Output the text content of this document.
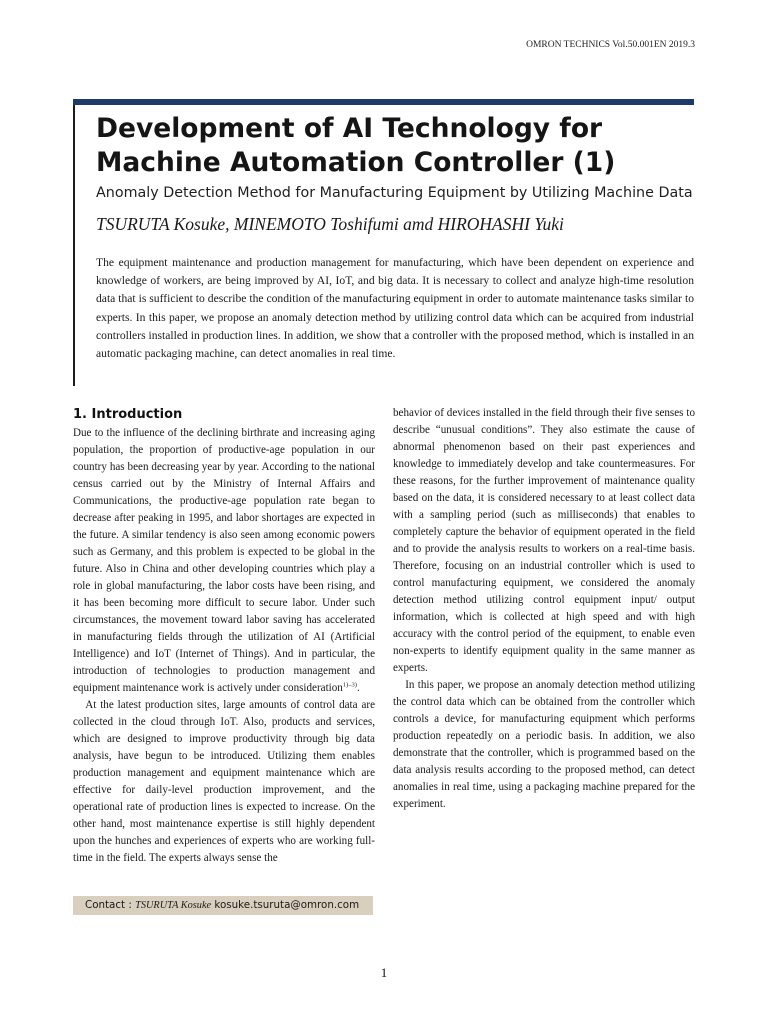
OMRON TECHNICS Vol.50.001EN 2019.3
Development of AI Technology for
Machine Automation Controller (1)
Anomaly Detection Method for Manufacturing Equipment by Utilizing Machine Data
TSURUTA Kosuke, MINEMOTO Toshifumi amd HIROHASHI Yuki

The equipment maintenance and production management for manufacturing, which have been dependent on experience and knowledge of workers, are being improved by AI, IoT, and big data. It is necessary to collect and analyze high-time resolution data that is sufficient to describe the condition of the manufacturing equipment in order to automate maintenance tasks similar to experts. In this paper, we propose an anomaly detection method by utilizing control data which can be acquired from industrial controllers installed in production lines. In addition, we show that a controller with the proposed method, which is installed in an automatic packaging machine, can detect anomalies in real time.

1. Introduction

Due to the influence of the declining birthrate and increasing aging population, the proportion of productive-age population in our country has been decreasing year by year. According to the national census carried out by the Ministry of Internal Affairs and Communications, the productive-age population rate began to decrease after peaking in 1995, and labor shortages are expected in the future. A similar tendency is also seen among economic powers such as Germany, and this problem is expected to be global in the future. Also in China and other developing countries which play a role in global manufacturing, the labor costs have been rising, and it has been becoming more difficult to secure labor. Under such circumstances, the movement toward labor saving has accelerated in manufacturing fields through the utilization of AI (Artificial Intelligence) and IoT (Internet of Things). And in particular, the introduction of technologies to production management and equipment maintenance work is actively under consideration$^{1)-3)}$.

At the latest production sites, large amounts of control data are collected in the cloud through IoT. Also, products and services, which are designed to improve productivity through big data analysis, have begun to be introduced. Utilizing them enables production management and equipment maintenance which are effective for daily-level production improvement, and the operational rate of production lines is expected to increase. On the other hand, most maintenance expertise is still highly dependent upon the hunches and experiences of experts who are working full-time in the field. The experts always sense the

behavior of devices installed in the field through their five senses to describe “unusual conditions”. They also estimate the cause of abnormal phenomenon based on their past experiences and knowledge to immediately develop and take countermeasures. For these reasons, for the further improvement of maintenance quality based on the data, it is considered necessary to at least collect data with a sampling period (such as milliseconds) that enables to completely capture the behavior of equipment operated in the field and to provide the analysis results to workers on a real-time basis. Therefore, focusing on an industrial controller which is used to control manufacturing equipment, we considered the anomaly detection method utilizing control equipment input/ output information, which is collected at high speed and with high accuracy with the control period of the equipment, to enable even non-experts to identify equipment quality in the same manner as experts.

In this paper, we propose an anomaly detection method utilizing the control data which can be obtained from the controller which controls a device, for manufacturing equipment which performs production repeatedly on a periodic basis. In addition, we also demonstrate that the controller, which is programmed based on the data analysis results according to the proposed method, can detect anomalies in real time, using a packaging machine prepared for the experiment.

Contact : TSURUTA Kosuke kosuke.tsuruta@omron.com
1
